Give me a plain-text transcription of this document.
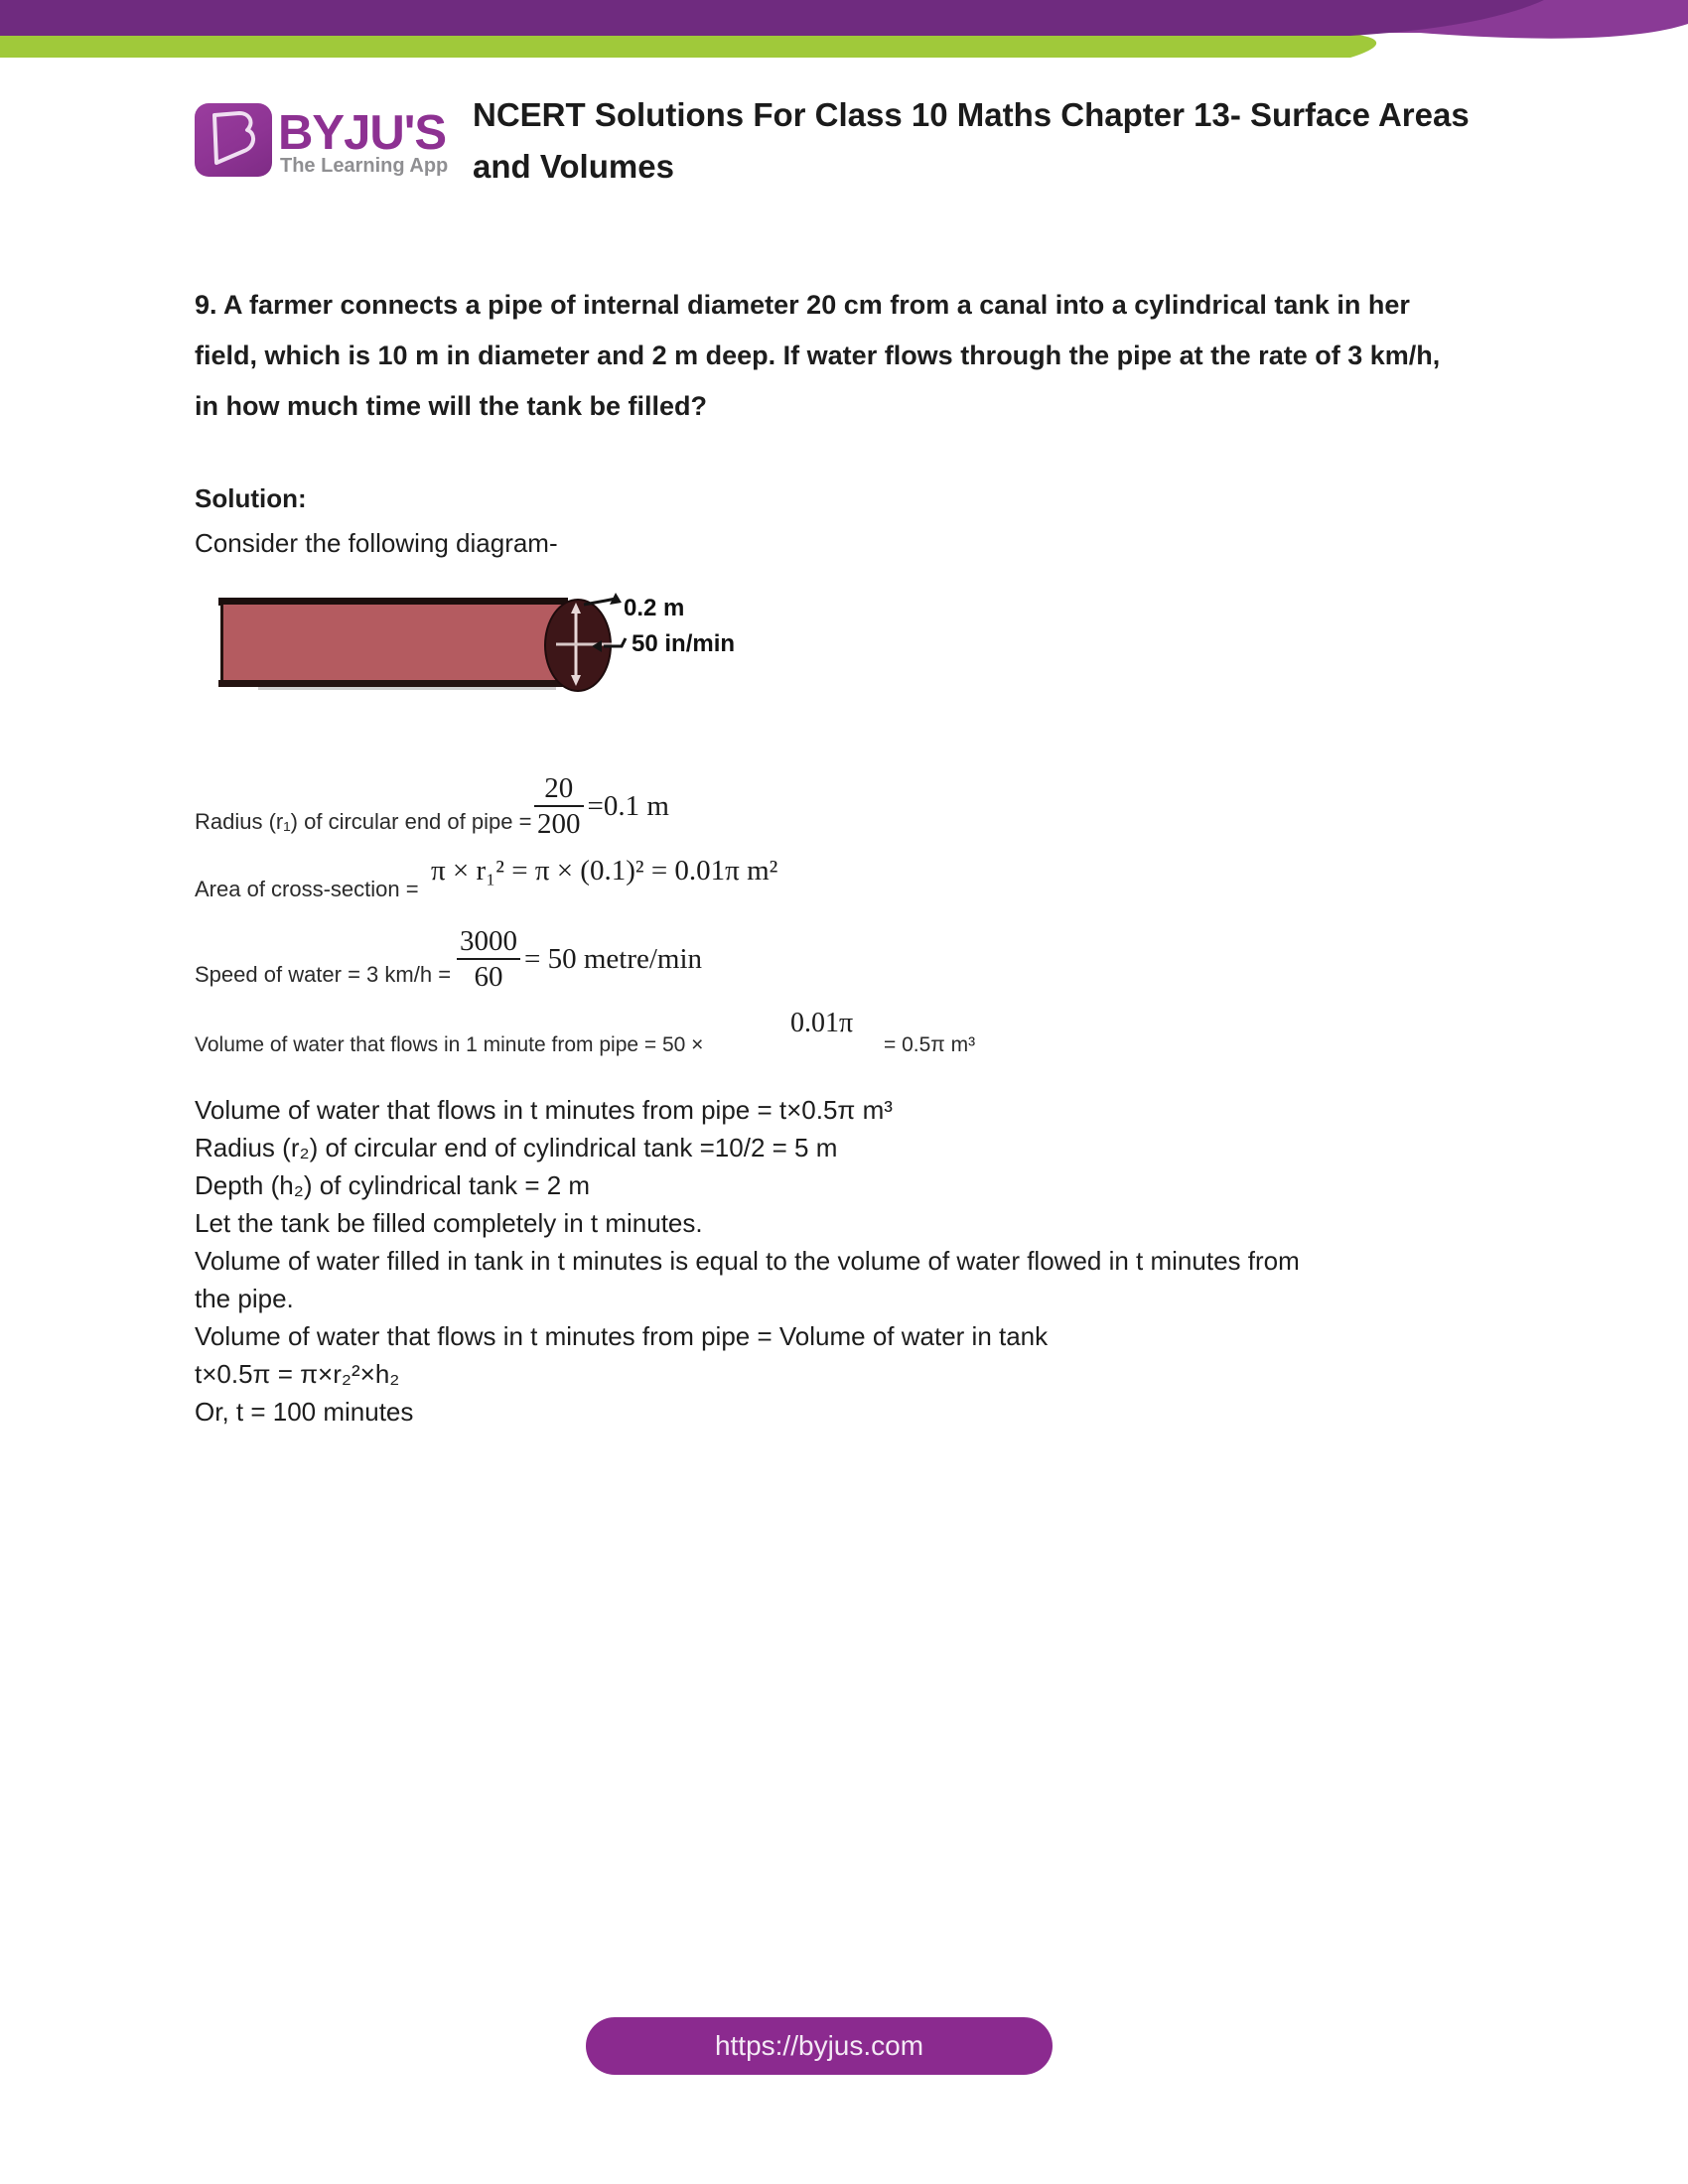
BYJU'S
The Learning App
NCERT Solutions For Class 10 Maths Chapter 13- Surface Areas and Volumes
9. A farmer connects a pipe of internal diameter 20 cm from a canal into a cylindrical tank in her field, which is 10 m in diameter and 2 m deep. If water flows through the pipe at the rate of 3 km/h, in how much time will the tank be filled?
Solution:
Consider the following diagram-
0.2 m
50 in/min
Radius (r₁) of circular end of pipe = $\frac{20}{200} =0.1$ m
Area of cross-section =
π × r₁² = π × (0.1)² = 0.01π m²
Speed of water = 3 $km/h = \frac{3000}{60} = 50$ metre/min
Volume of water that flows in 1 minute from pipe = 50 ×
0.01π
= 0.5π m³
Volume of water that flows in t minutes from pipe = t×0.5π m³
Radius (r₂) of circular end of cylindrical tank =10/2 = 5 m
Depth (h₂) of cylindrical tank = 2 m
Let the tank be filled completely in t minutes.
Volume of water filled in tank in t minutes is equal to the volume of water flowed in t minutes from the pipe.
Volume of water that flows in t minutes from pipe = Volume of water in tank
t×0.5π = π×r₂²×h₂
Or, t = 100 minutes
https://byjus.com
